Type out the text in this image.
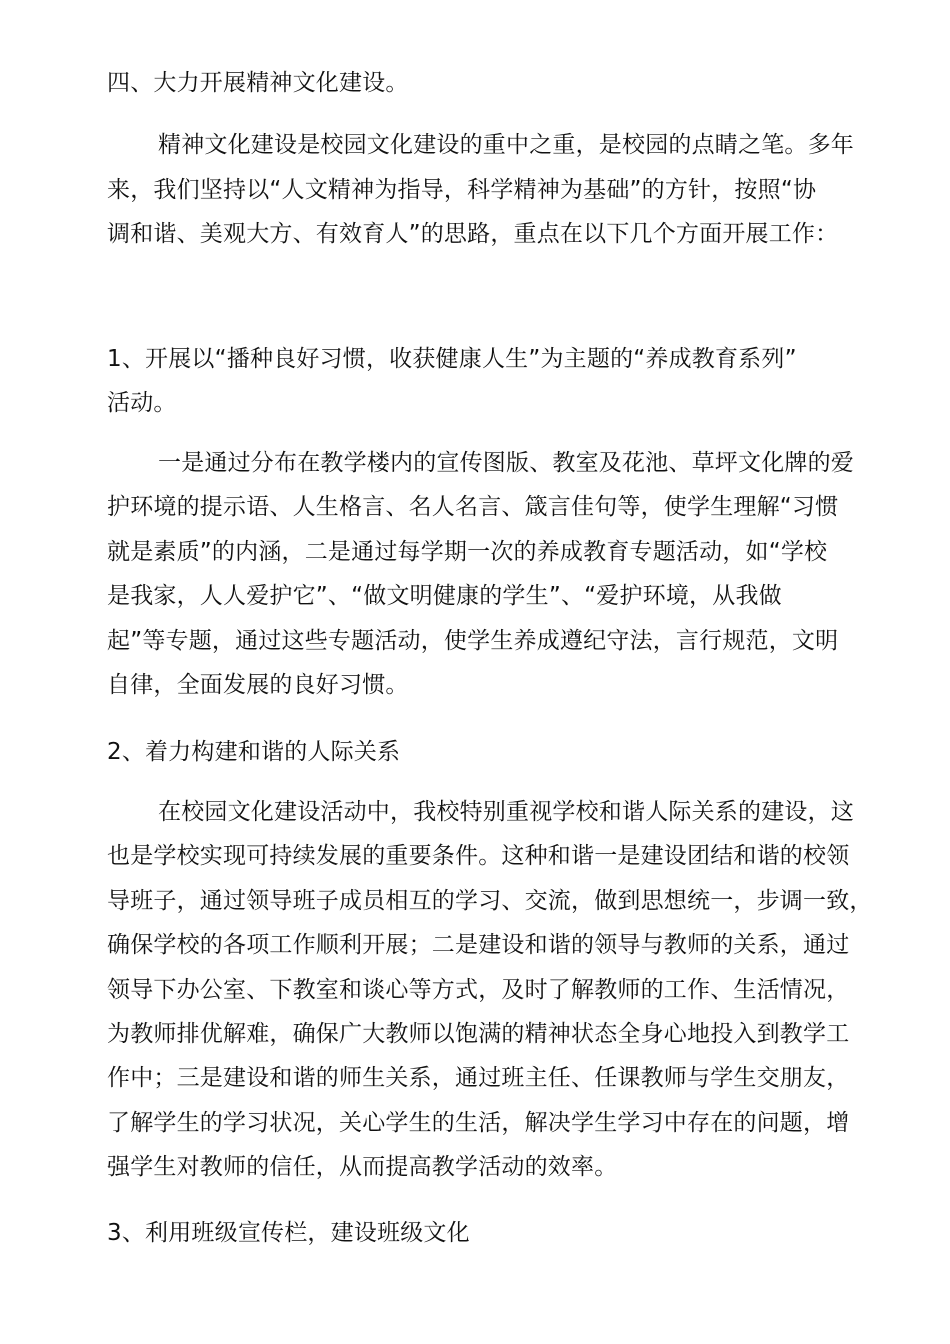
四、大力开展精神文化建设。

精神文化建设是校园文化建设的重中之重，是校园的点睛之笔。多年

来，我们坚持以“人文精神为指导，科学精神为基础”的方针，按照“协

调和谐、美观大方、有效育人”的思路，重点在以下几个方面开展工作：

1、开展以“播种良好习惯，收获健康人生”为主题的“养成教育系列”

活动。

一是通过分布在教学楼内的宣传图版、教室及花池、草坪文化牌的爱

护环境的提示语、人生格言、名人名言、箴言佳句等，使学生理解“习惯

就是素质”的内涵，二是通过每学期一次的养成教育专题活动，如“学校

是我家，人人爱护它”、“做文明健康的学生”、“爱护环境，从我做

起”等专题，通过这些专题活动，使学生养成遵纪守法，言行规范，文明

自律，全面发展的良好习惯。

2、着力构建和谐的人际关系

在校园文化建设活动中，我校特别重视学校和谐人际关系的建设，这

也是学校实现可持续发展的重要条件。这种和谐一是建设团结和谐的校领

导班子，通过领导班子成员相互的学习、交流，做到思想统一，步调一致，

确保学校的各项工作顺利开展；二是建设和谐的领导与教师的关系，通过

领导下办公室、下教室和谈心等方式，及时了解教师的工作、生活情况，

为教师排优解难，确保广大教师以饱满的精神状态全身心地投入到教学工

作中；三是建设和谐的师生关系，通过班主任、任课教师与学生交朋友，

了解学生的学习状况，关心学生的生活，解决学生学习中存在的问题，增

强学生对教师的信任，从而提高教学活动的效率。

3、利用班级宣传栏，建设班级文化
